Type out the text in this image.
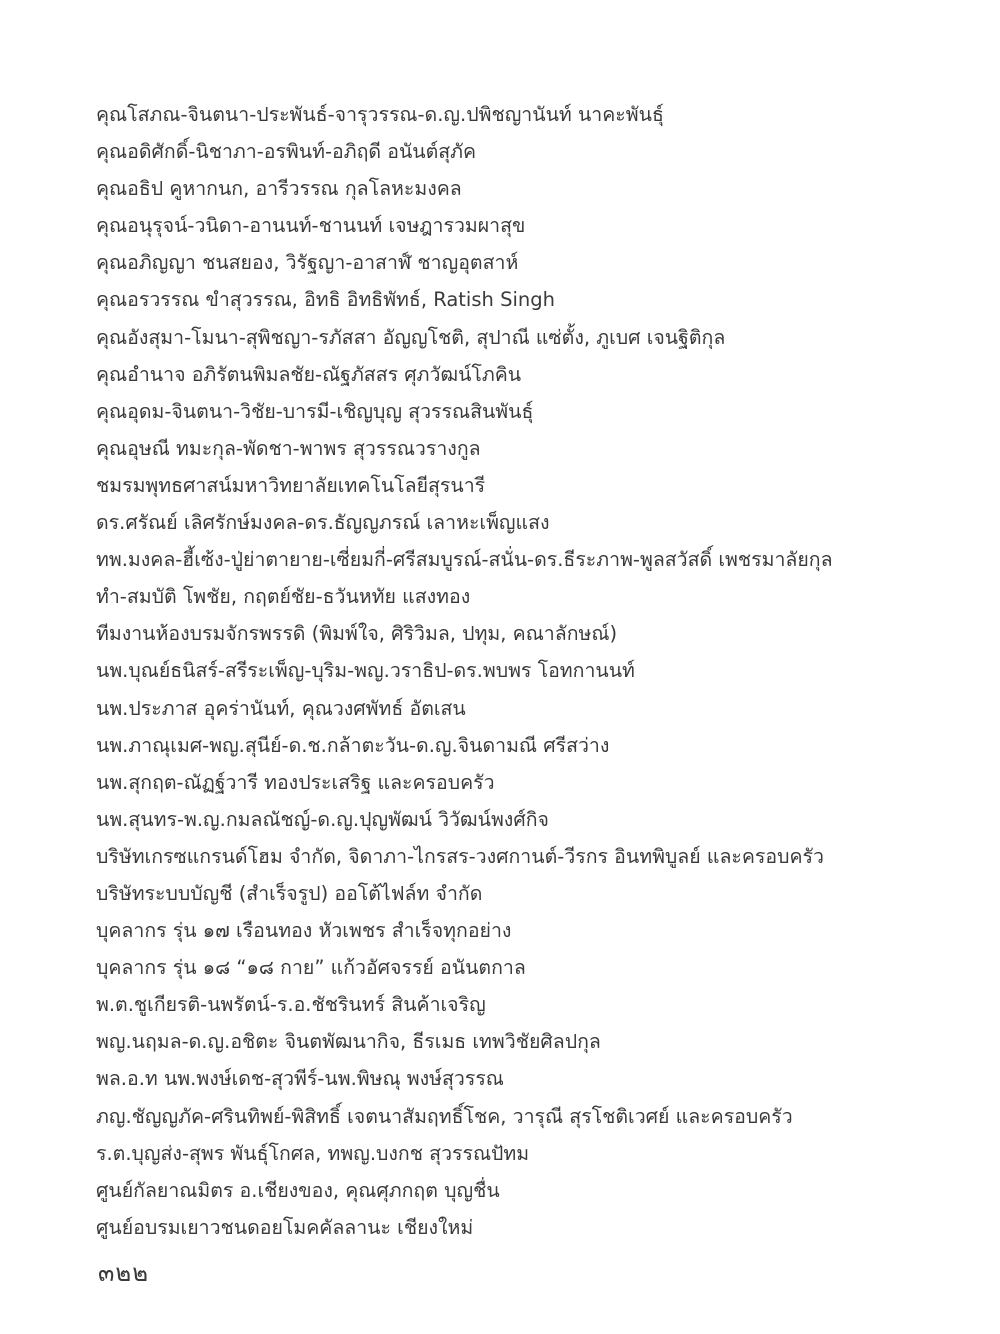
คุณโสภณ-จินตนา-ประพันธ์-จารุวรรณ-ด.ญ.ปพิชญานันท์ นาคะพันธุ์
คุณอดิศักดิ์-นิชาภา-อรพินท์-อภิฤดี อนันต์สุภัค
คุณอธิป คูหากนก, อารีวรรณ กุลโลหะมงคล
คุณอนุรุจน์-วนิดา-อานนท์-ชานนท์ เจษฎารวมผาสุข
คุณอภิญญา ชนสยอง, วิรัฐญา-อาสาฬ์ ชาญอุตสาห์
คุณอรวรรณ ขำสุวรรณ, อิทธิ อิทธิพัทธ์, Ratish Singh
คุณอังสุมา-โมนา-สุพิชญา-รภัสสา อัญญโชติ, สุปาณี แซ่ตั้ง, ภูเบศ เจนฐิติกุล
คุณอำนาจ อภิรัตนพิมลชัย-ณัฐภัสสร ศุภวัฒน์โภคิน
คุณอุดม-จินตนา-วิชัย-บารมี-เชิญบุญ สุวรรณสินพันธุ์
คุณอุษณี ทมะกุล-พัดชา-พาพร สุวรรณวรางกูล
ชมรมพุทธศาสน์มหาวิทยาลัยเทคโนโลยีสุรนารี
ดร.ศรัณย์ เลิศรักษ์มงคล-ดร.ธัญญภรณ์ เลาหะเพ็ญแสง
ทพ.มงคล-ฮี้เซ้ง-ปู่ย่าตายาย-เซี่ยมกี่-ศรีสมบูรณ์-สนั่น-ดร.ธีระภาพ-พูลสวัสดิ์ เพชรมาลัยกุล
ทำ-สมบัติ โพชัย, กฤตย์ชัย-ธวันหทัย แสงทอง
ทีมงานห้องบรมจักรพรรดิ (พิมพ์ใจ, ศิริวิมล, ปทุม, คณาลักษณ์)
นพ.บุณย์ธนิสร์-สรีระเพ็ญ-บุริม-พญ.วราธิป-ดร.พบพร โอทกานนท์
นพ.ประภาส อุคร่านันท์, คุณวงศพัทธ์ อัตเสน
นพ.ภาณุเมศ-พญ.สุนีย์-ด.ช.กล้าตะวัน-ด.ญ.จินดามณี ศรีสว่าง
นพ.สุกฤต-ณัฏฐ์วารี ทองประเสริฐ และครอบครัว
นพ.สุนทร-พ.ญ.กมลณัชญ์-ด.ญ.ปุญพัฒน์ วิวัฒน์พงศ์กิจ
บริษัทเกรซแกรนด์โฮม จำกัด, จิดาภา-ไกรสร-วงศกานต์-วีรกร อินทพิบูลย์ และครอบครัว
บริษัทระบบบัญชี (สำเร็จรูป) ออโต้ไฟล์ท จำกัด
บุคลากร รุ่น ๑๗ เรือนทอง หัวเพชร สำเร็จทุกอย่าง
บุคลากร รุ่น ๑๘ “๑๘ กาย” แก้วอัศจรรย์ อนันตกาล
พ.ต.ชูเกียรติ-นพรัตน์-ร.อ.ชัชรินทร์ สินค้าเจริญ
พญ.นฤมล-ด.ญ.อชิตะ จินตพัฒนากิจ, ธีรเมธ เทพวิชัยศิลปกุล
พล.อ.ท นพ.พงษ์เดช-สุวพีร์-นพ.พิษณุ พงษ์สุวรรณ
ภญ.ชัญญภัค-ศรินทิพย์-พิสิทธิ์ เจตนาสัมฤทธิ์โชค, วารุณี สุรโชติเวศย์ และครอบครัว
ร.ต.บุญส่ง-สุพร พันธุ์โกศล, ทพญ.บงกช สุวรรณปัทม
ศูนย์กัลยาณมิตร อ.เชียงของ, คุณศุภกฤต บุญชื่น
ศูนย์อบรมเยาวชนดอยโมคคัลลานะ เชียงใหม่
๓๒๒
